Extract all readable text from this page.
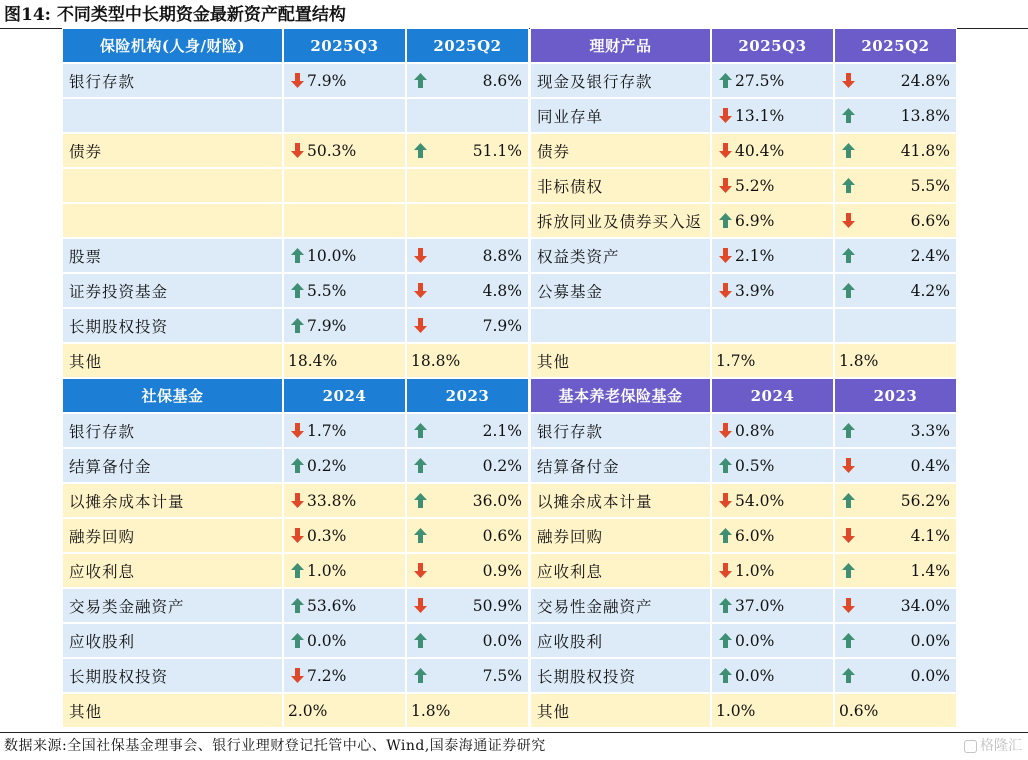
图14: 不同类型中长期资金最新资产配置结构
保险机构(人身/财险)	2025Q3	2025Q2
银行存款	7.9%	8.6%
债券	50.3%	51.1%
股票	10.0%	8.8%
证券投资基金	5.5%	4.8%
长期股权投资	7.9%	7.9%
其他	18.4%	18.8%
理财产品	2025Q3	2025Q2
现金及银行存款	27.5%	24.8%
同业存单	13.1%	13.8%
债券	40.4%	41.8%
非标债权	5.2%	5.5%
拆放同业及债券买入返 6.9%	6.6%
权益类资产	2.1%	2.4%
公募基金	3.9%	4.2%
其他	1.7%	1.8%
社保基金	2024	2023
银行存款	1.7%	2.1%
结算备付金	0.2%	0.2%
以摊余成本计量	33.8%	36.0%
融券回购	0.3%	0.6%
应收利息	1.0%	0.9%
交易类金融资产	53.6%	50.9%
应收股利	0.0%	0.0%
长期股权投资	7.2%	7.5%
其他	2.0%	1.8%
基本养老保险基金	2024	2023
银行存款	0.8%	3.3%
结算备付金	0.5%	0.4%
以摊余成本计量	54.0%	56.2%
融券回购	6.0%	4.1%
应收利息	1.0%	1.4%
交易性金融资产	37.0%	34.0%
应收股利	0.0%	0.0%
长期股权投资	0.0%	0.0%
其他	1.0%	0.6%
数据来源:全国社保基金理事会、银行业理财登记托管中心、Wind,国泰海通证券研究	格隆汇
